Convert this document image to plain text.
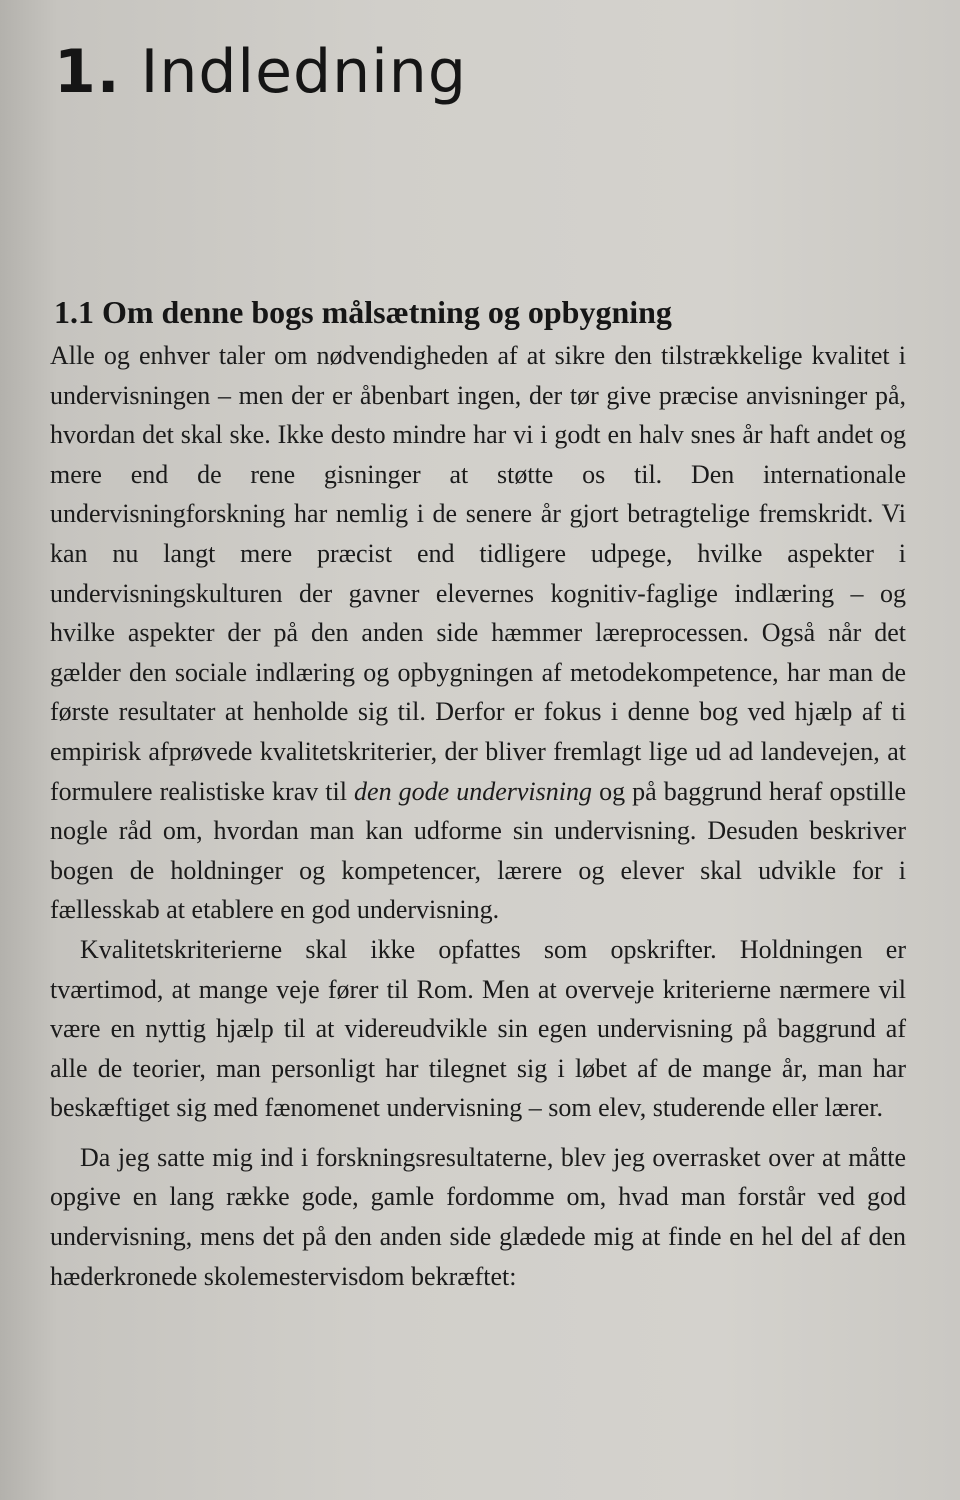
1. Indledning
1.1 Om denne bogs målsætning og opbygning

Alle og enhver taler om nødvendigheden af at sikre den tilstrækkelige kvalitet i undervisningen – men der er åbenbart ingen, der tør give præcise anvisninger på, hvordan det skal ske. Ikke desto mindre har vi i godt en halv snes år haft andet og mere end de rene gisninger at støtte os til. Den internationale undervisningforskning har nemlig i de senere år gjort betragtelige fremskridt. Vi kan nu langt mere præcist end tidligere udpege, hvilke aspekter i undervisningskulturen der gavner elevernes kognitiv-faglige indlæring – og hvilke aspekter der på den anden side hæmmer læreprocessen. Også når det gælder den sociale indlæring og opbygningen af metodekompetence, har man de første resultater at henholde sig til. Derfor er fokus i denne bog ved hjælp af ti empirisk afprøvede kvalitetskriterier, der bliver fremlagt lige ud ad landevejen, at formulere realistiske krav til den gode undervisning og på baggrund heraf opstille nogle råd om, hvordan man kan udforme sin undervisning. Desuden beskriver bogen de holdninger og kompetencer, lærere og elever skal udvikle for i fællesskab at etablere en god undervisning.

Kvalitetskriterierne skal ikke opfattes som opskrifter. Holdningen er tværtimod, at mange veje fører til Rom. Men at overveje kriterierne nærmere vil være en nyttig hjælp til at videreudvikle sin egen undervisning på baggrund af alle de teorier, man personligt har tilegnet sig i løbet af de mange år, man har beskæftiget sig med fænomenet undervisning – som elev, studerende eller lærer.

Da jeg satte mig ind i forskningsresultaterne, blev jeg overrasket over at måtte opgive en lang række gode, gamle fordomme om, hvad man forstår ved god undervisning, mens det på den anden side glædede mig at finde en hel del af den hæderkronede skolemestervisdom bekræftet:
